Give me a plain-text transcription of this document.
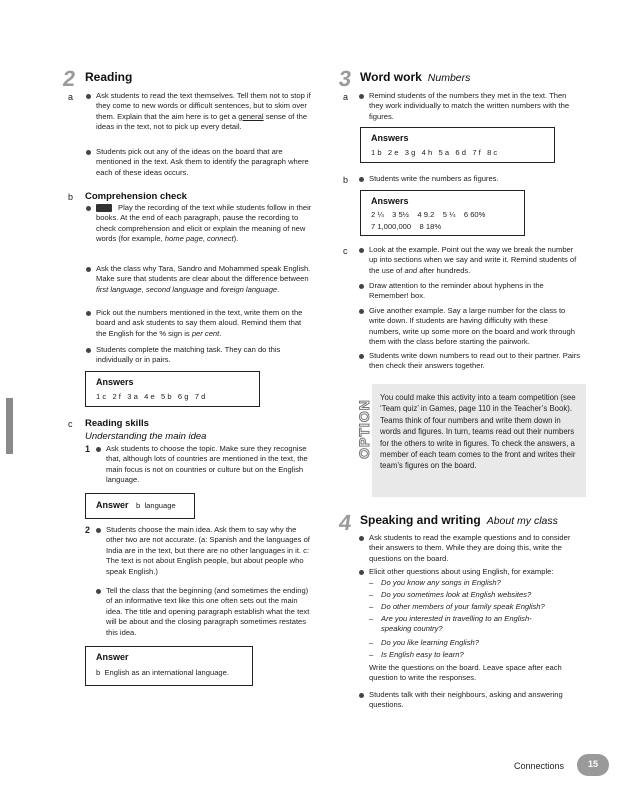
2 Reading
a	Ask students to read the text themselves. Tell them not to stop if they come to new words or difficult sentences, but to skim over them. Explain that the aim here is to get a general sense of the ideas in the text, not to pick up every detail.
Students pick out any of the ideas on the board that are mentioned in the text. Ask them to identify the paragraph where each of these ideas occurs.
b Comprehension check
Play the recording of the text while students follow in their books. At the end of each paragraph, pause the recording to check comprehension and elicit or explain the meaning of new words (for example, home page, connect).
Ask the class why Tara, Sandro and Mohammed speak English. Make sure that students are clear about the difference between first language, second language and foreign language.
Pick out the numbers mentioned in the text, write them on the board and ask students to say them aloud. Remind them that the English for the % sign is per cent.
Students complete the matching task. They can do this individually or in pairs.
Answers
1 c   2 f   3 a   4 e   5 b   6 g   7 d
c Reading skills
Understanding the main idea
1 Ask students to choose the topic. Make sure they recognise that, although lots of countries are mentioned in the text, the main focus is not on countries or culture but on the English language.
Answer b  language
2 Students choose the main idea. Ask them to say why the other two are not accurate. (a: Spanish and the languages of India are in the text, but there are no other languages in it. c: The text is not about English people, but about people who speak English.)
Tell the class that the beginning (and sometimes the ending) of an informative text like this one often sets out the main idea. The title and opening paragraph establish what the text will be about and the closing paragraph sometimes restates this idea.
Answer
b  English as an international language.
3 Word work Numbers
a	Remind students of the numbers they met in the text. Then they work individually to match the written numbers with the figures.
Answers
1 b   2 e   3 g   4 h   5 a   6 d   7 f   8 c
b	Students write the numbers as figures.
Answers
2 ¼    3 5½    4 9.2    5 ¼    6 60%
7 1,000,000    8 18%
c	Look at the example. Point out the way we break the number up into sections when we say and write it. Remind students of the use of and after hundreds.
Draw attention to the reminder about hyphens in the Remember! box.
Give another example. Say a large number for the class to write down. If students are having difficulty with these numbers, write up some more on the board and work through them with the class before starting the pairwork.
Students write down numbers to read out to their partner. Pairs then check their answers together.
OPTION
You could make this activity into a team competition (see ‘Team quiz’ in Games, page 110 in the Teacher’s Book). Teams think of four numbers and write them down in words and figures. In turn, teams read out their numbers for the others to write in figures. To check the answers, a member of each team comes to the front and writes their team’s figures on the board.
4 Speaking and writing About my class
Ask students to read the example questions and to consider their answers to them. While they are doing this, write the questions on the board.
Elicit other questions about using English, for example:
– Do you know any songs in English?
– Do you sometimes look at English websites?
– Do other members of your family speak English?
– Are you interested in travelling to an English-speaking country?
– Do you like learning English?
– Is English easy to learn?
Write the questions on the board. Leave space after each question to write the responses.
Students talk with their neighbours, asking and answering questions.
Connections	15
